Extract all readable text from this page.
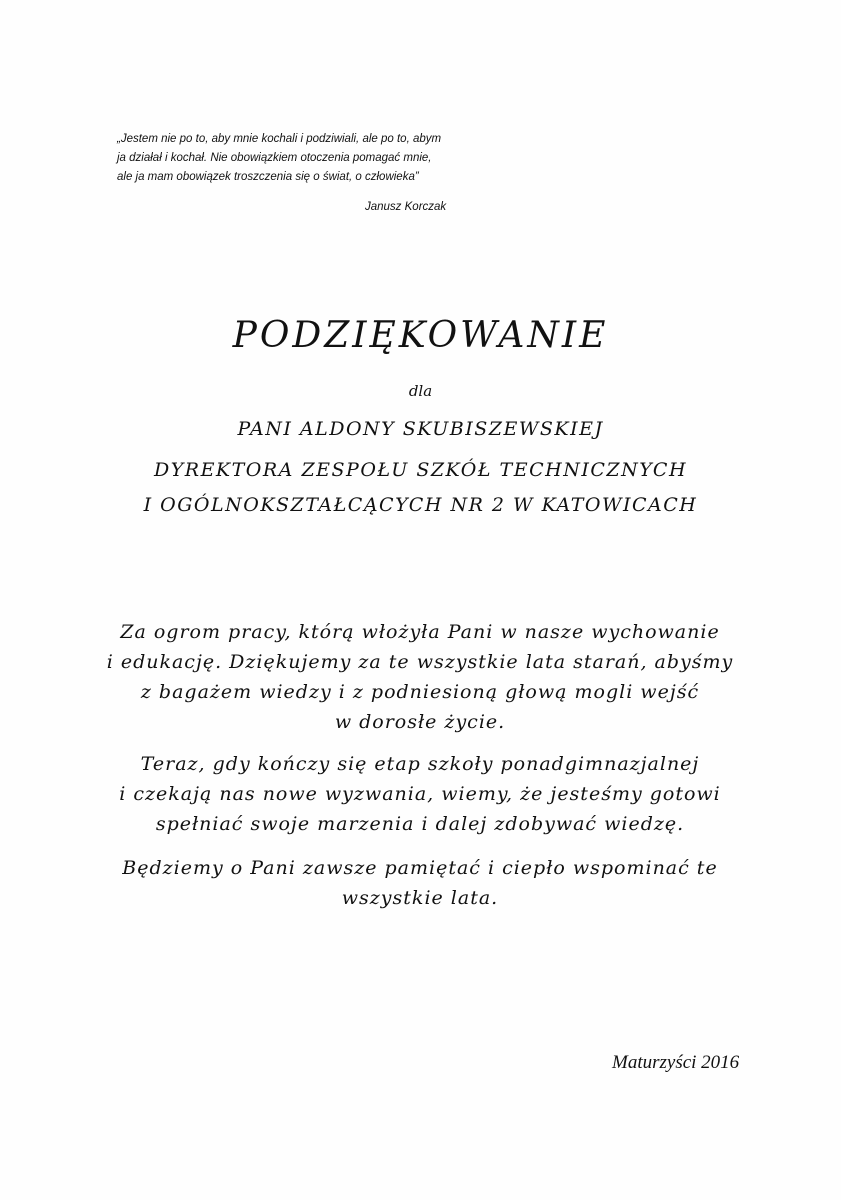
„Jestem nie po to, aby mnie kochali i podziwiali, ale po to, abym
ja działał i kochał. Nie obowiązkiem otoczenia pomagać mnie,
ale ja mam obowiązek troszczenia się o świat, o człowieka”
Janusz Korczak
PODZIĘKOWANIE
dla
PANI ALDONY SKUBISZEWSKIEJ
DYREKTORA ZESPOŁU SZKÓŁ TECHNICZNYCH
I OGÓLNOKSZTAŁCĄCYCH NR 2 W KATOWICACH
Za ogrom pracy, którą włożyła Pani w nasze wychowanie
i edukację. Dziękujemy za te wszystkie lata starań, abyśmy
z bagażem wiedzy i z podniesioną głową mogli wejść
w dorosłe życie.
Teraz, gdy kończy się etap szkoły ponadgimnazjalnej
i czekają nas nowe wyzwania, wiemy, że jesteśmy gotowi
spełniać swoje marzenia i dalej zdobywać wiedzę.
Będziemy o Pani zawsze pamiętać i ciepło wspominać te
wszystkie lata.
Maturzyści 2016
